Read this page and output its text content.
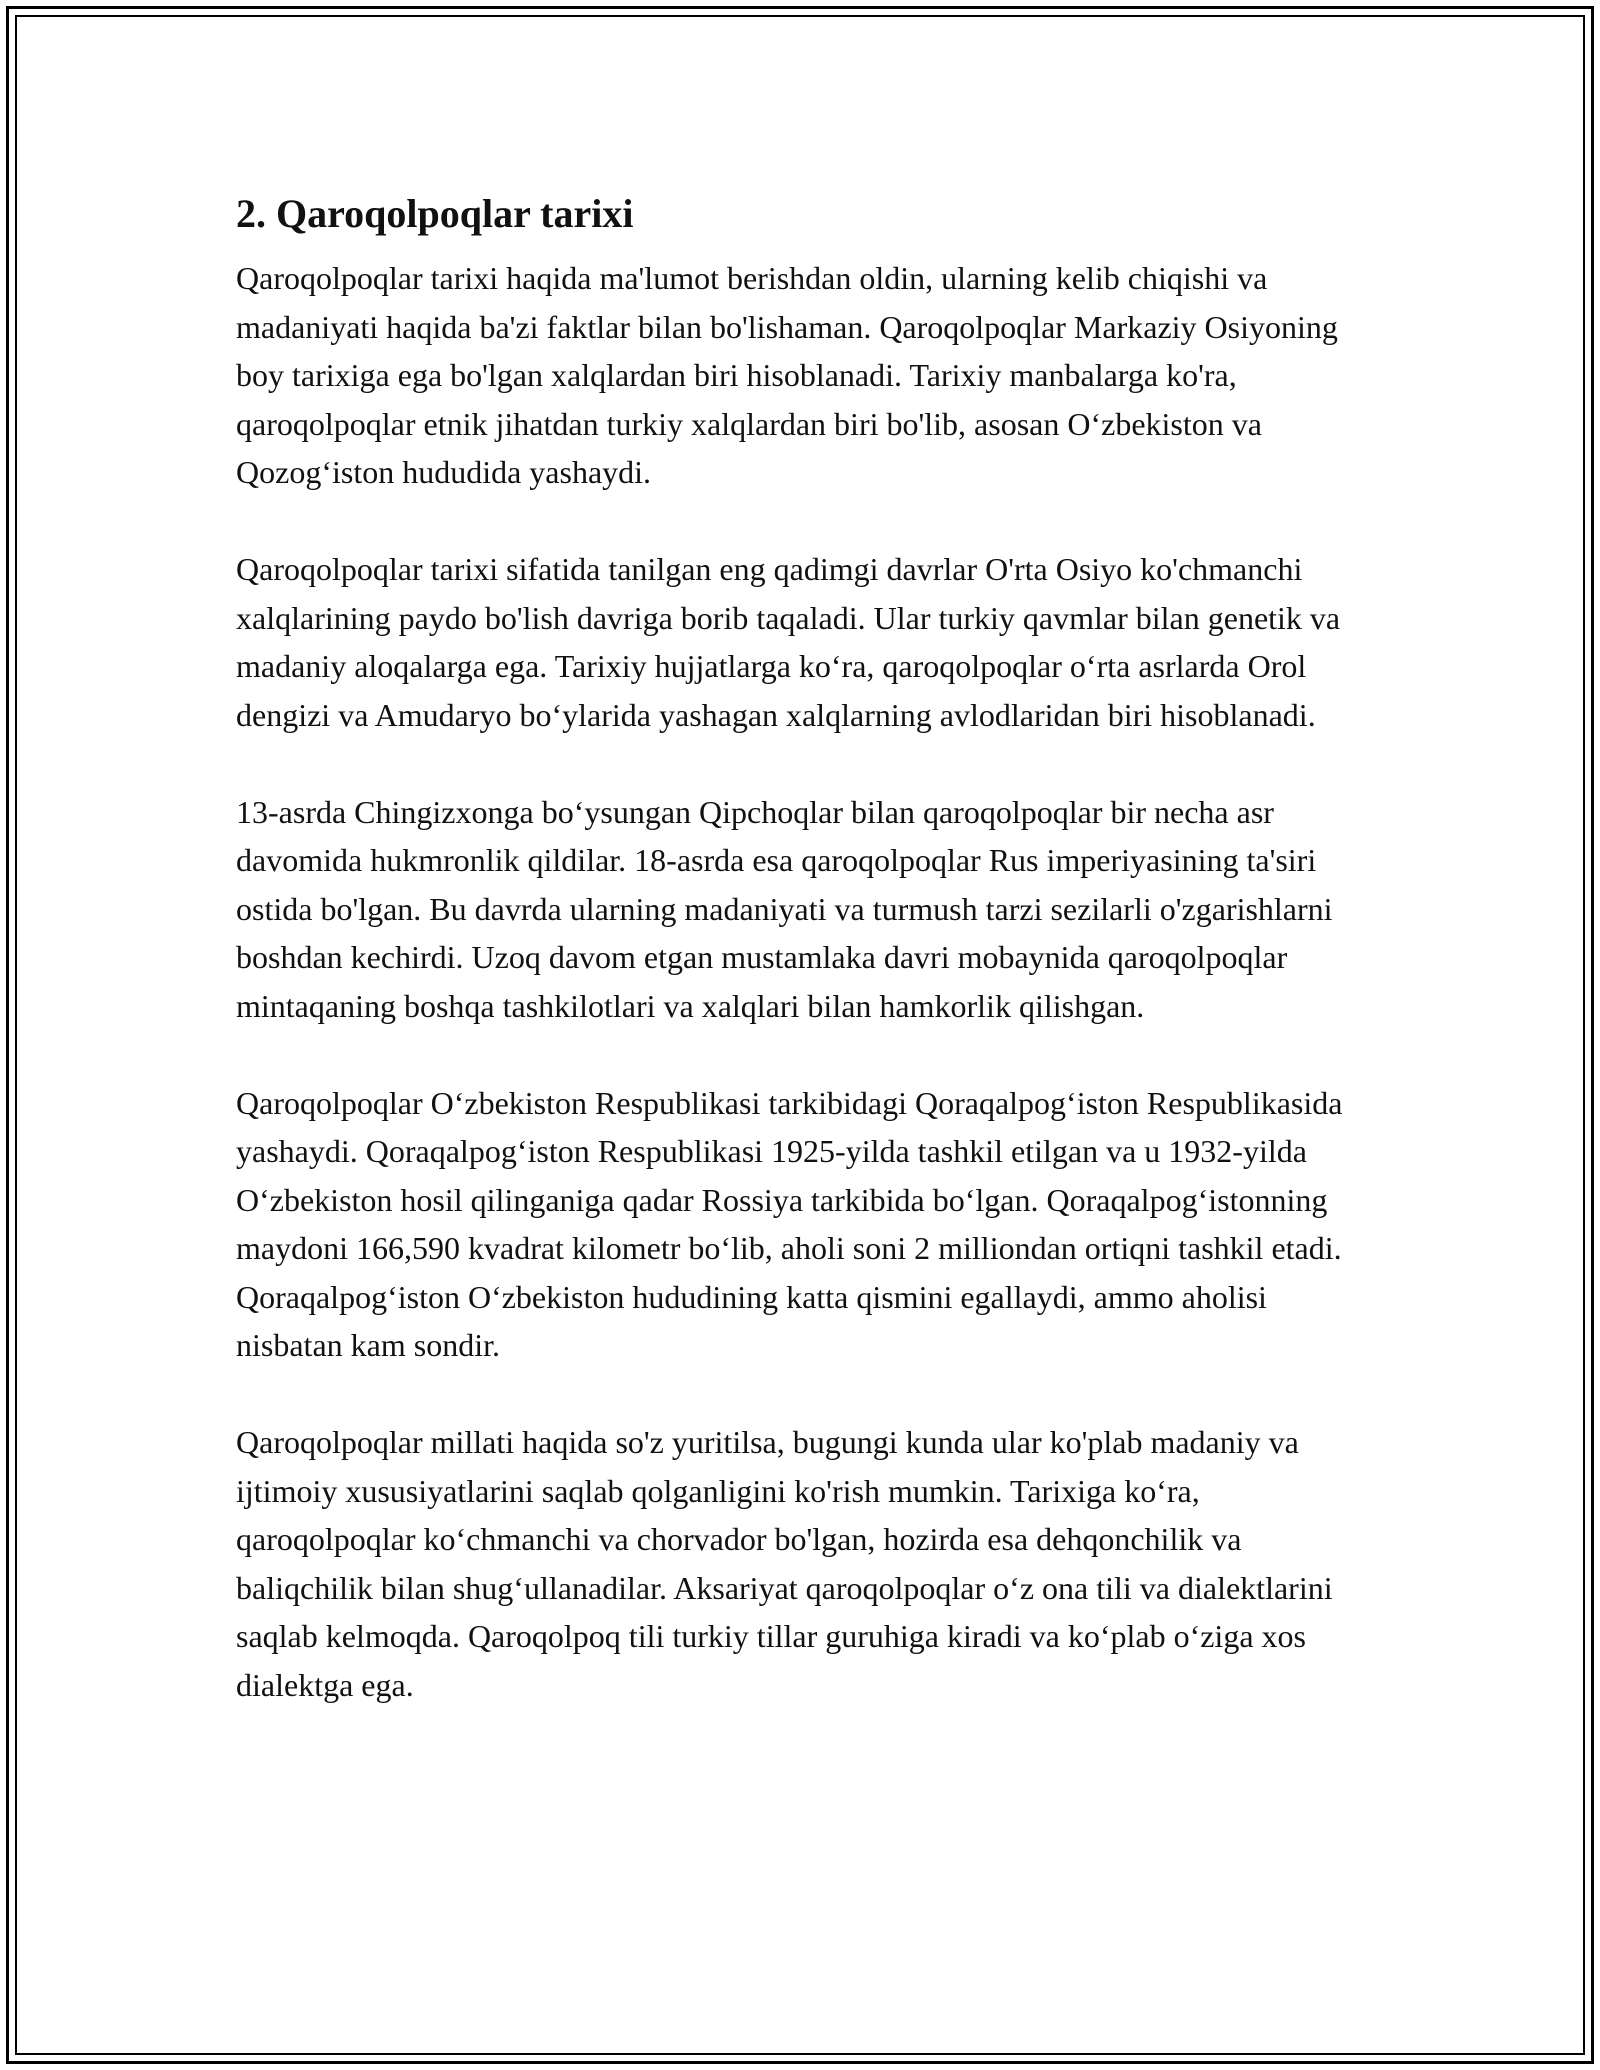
2. Qaroqolpoqlar tarixi

Qaroqolpoqlar tarixi haqida ma'lumot berishdan oldin, ularning kelib chiqishi va madaniyati haqida ba'zi faktlar bilan bo'lishaman. Qaroqolpoqlar Markaziy Osiyoning boy tarixiga ega bo'lgan xalqlardan biri hisoblanadi. Tarixiy manbalarga ko'ra, qaroqolpoqlar etnik jihatdan turkiy xalqlardan biri bo'lib, asosan O‘zbekiston va Qozog‘iston hududida yashaydi.

Qaroqolpoqlar tarixi sifatida tanilgan eng qadimgi davrlar O'rta Osiyo ko'chmanchi xalqlarining paydo bo'lish davriga borib taqaladi. Ular turkiy qavmlar bilan genetik va madaniy aloqalarga ega. Tarixiy hujjatlarga ko‘ra, qaroqolpoqlar o‘rta asrlarda Orol dengizi va Amudaryo bo‘ylarida yashagan xalqlarning avlodlaridan biri hisoblanadi.

13-asrda Chingizxonga bo‘ysungan Qipchoqlar bilan qaroqolpoqlar bir necha asr davomida hukmronlik qildilar. 18-asrda esa qaroqolpoqlar Rus imperiyasining ta'siri ostida bo'lgan. Bu davrda ularning madaniyati va turmush tarzi sezilarli o'zgarishlarni boshdan kechirdi. Uzoq davom etgan mustamlaka davri mobaynida qaroqolpoqlar mintaqaning boshqa tashkilotlari va xalqlari bilan hamkorlik qilishgan.

Qaroqolpoqlar O‘zbekiston Respublikasi tarkibidagi Qoraqalpog‘iston Respublikasida yashaydi. Qoraqalpog‘iston Respublikasi 1925-yilda tashkil etilgan va u 1932-yilda O‘zbekiston hosil qilinganiga qadar Rossiya tarkibida bo‘lgan. Qoraqalpog‘istonning maydoni 166,590 kvadrat kilometr bo‘lib, aholi soni 2 milliondan ortiqni tashkil etadi. Qoraqalpog‘iston O‘zbekiston hududining katta qismini egallaydi, ammo aholisi nisbatan kam sondir.

Qaroqolpoqlar millati haqida so'z yuritilsa, bugungi kunda ular ko'plab madaniy va ijtimoiy xususiyatlarini saqlab qolganligini ko'rish mumkin. Tarixiga ko‘ra, qaroqolpoqlar ko‘chmanchi va chorvador bo'lgan, hozirda esa dehqonchilik va baliqchilik bilan shug‘ullanadilar. Aksariyat qaroqolpoqlar o‘z ona tili va dialektlarini saqlab kelmoqda. Qaroqolpoq tili turkiy tillar guruhiga kiradi va ko‘plab o‘ziga xos dialektga ega.
